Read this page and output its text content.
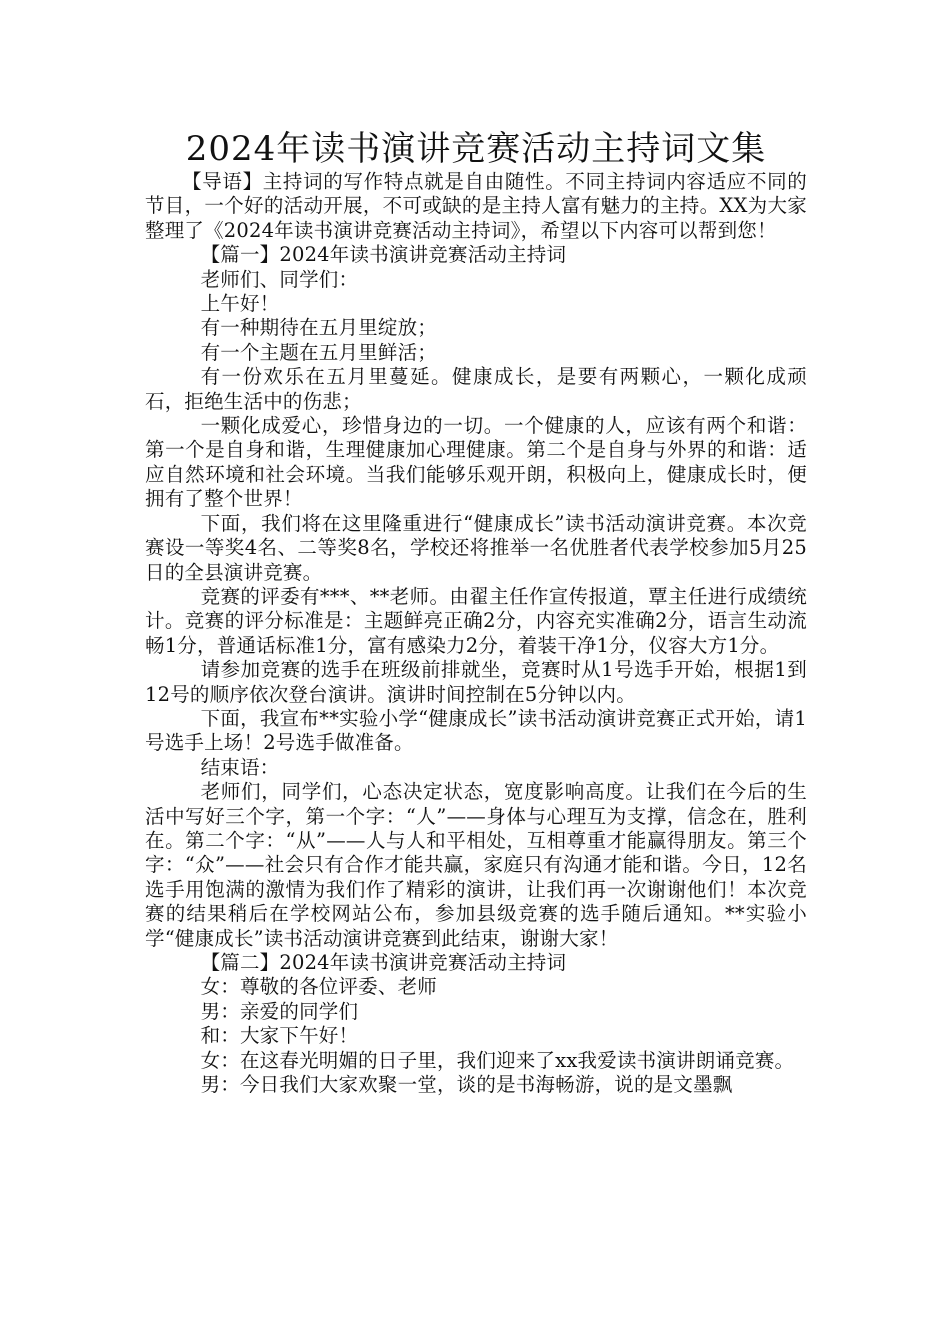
2024年读书演讲竞赛活动主持词文集

【导语】主持词的写作特点就是自由随性。不同主持词内容适应不同的节目，一个好的活动开展，不可或缺的是主持人富有魅力的主持。XX为大家整理了《2024年读书演讲竞赛活动主持词》，希望以下内容可以帮到您！

【篇一】2024年读书演讲竞赛活动主持词

老师们、同学们：

上午好！

有一种期待在五月里绽放；

有一个主题在五月里鲜活；

有一份欢乐在五月里蔓延。健康成长，是要有两颗心，一颗化成顽石，拒绝生活中的伤悲；

一颗化成爱心，珍惜身边的一切。一个健康的人，应该有两个和谐：第一个是自身和谐，生理健康加心理健康。第二个是自身与外界的和谐：适应自然环境和社会环境。当我们能够乐观开朗，积极向上，健康成长时，便拥有了整个世界！

下面，我们将在这里隆重进行“健康成长”读书活动演讲竞赛。本次竞赛设一等奖4名、二等奖8名，学校还将推举一名优胜者代表学校参加5月25日的全县演讲竞赛。

竞赛的评委有***、**老师。由翟主任作宣传报道，覃主任进行成绩统计。竞赛的评分标准是：主题鲜亮正确2分，内容充实准确2分，语言生动流畅1分，普通话标准1分，富有感染力2分，着装干净1分，仪容大方1分。

请参加竞赛的选手在班级前排就坐，竞赛时从1号选手开始，根据1到12号的顺序依次登台演讲。演讲时间控制在5分钟以内。

下面，我宣布**实验小学“健康成长”读书活动演讲竞赛正式开始，请1号选手上场！2号选手做准备。

结束语：

老师们，同学们，心态决定状态，宽度影响高度。让我们在今后的生活中写好三个字，第一个字：“人”——身体与心理互为支撑，信念在，胜利在。第二个字：“从”——人与人和平相处，互相尊重才能赢得朋友。第三个字：“众”——社会只有合作才能共赢，家庭只有沟通才能和谐。今日，12名选手用饱满的激情为我们作了精彩的演讲，让我们再一次谢谢他们！本次竞赛的结果稍后在学校网站公布，参加县级竞赛的选手随后通知。**实验小学“健康成长”读书活动演讲竞赛到此结束，谢谢大家！

【篇二】2024年读书演讲竞赛活动主持词

女：尊敬的各位评委、老师

男：亲爱的同学们

和：大家下午好！

女：在这春光明媚的日子里，我们迎来了xx我爱读书演讲朗诵竞赛。

男：今日我们大家欢聚一堂，谈的是书海畅游，说的是文墨飘
